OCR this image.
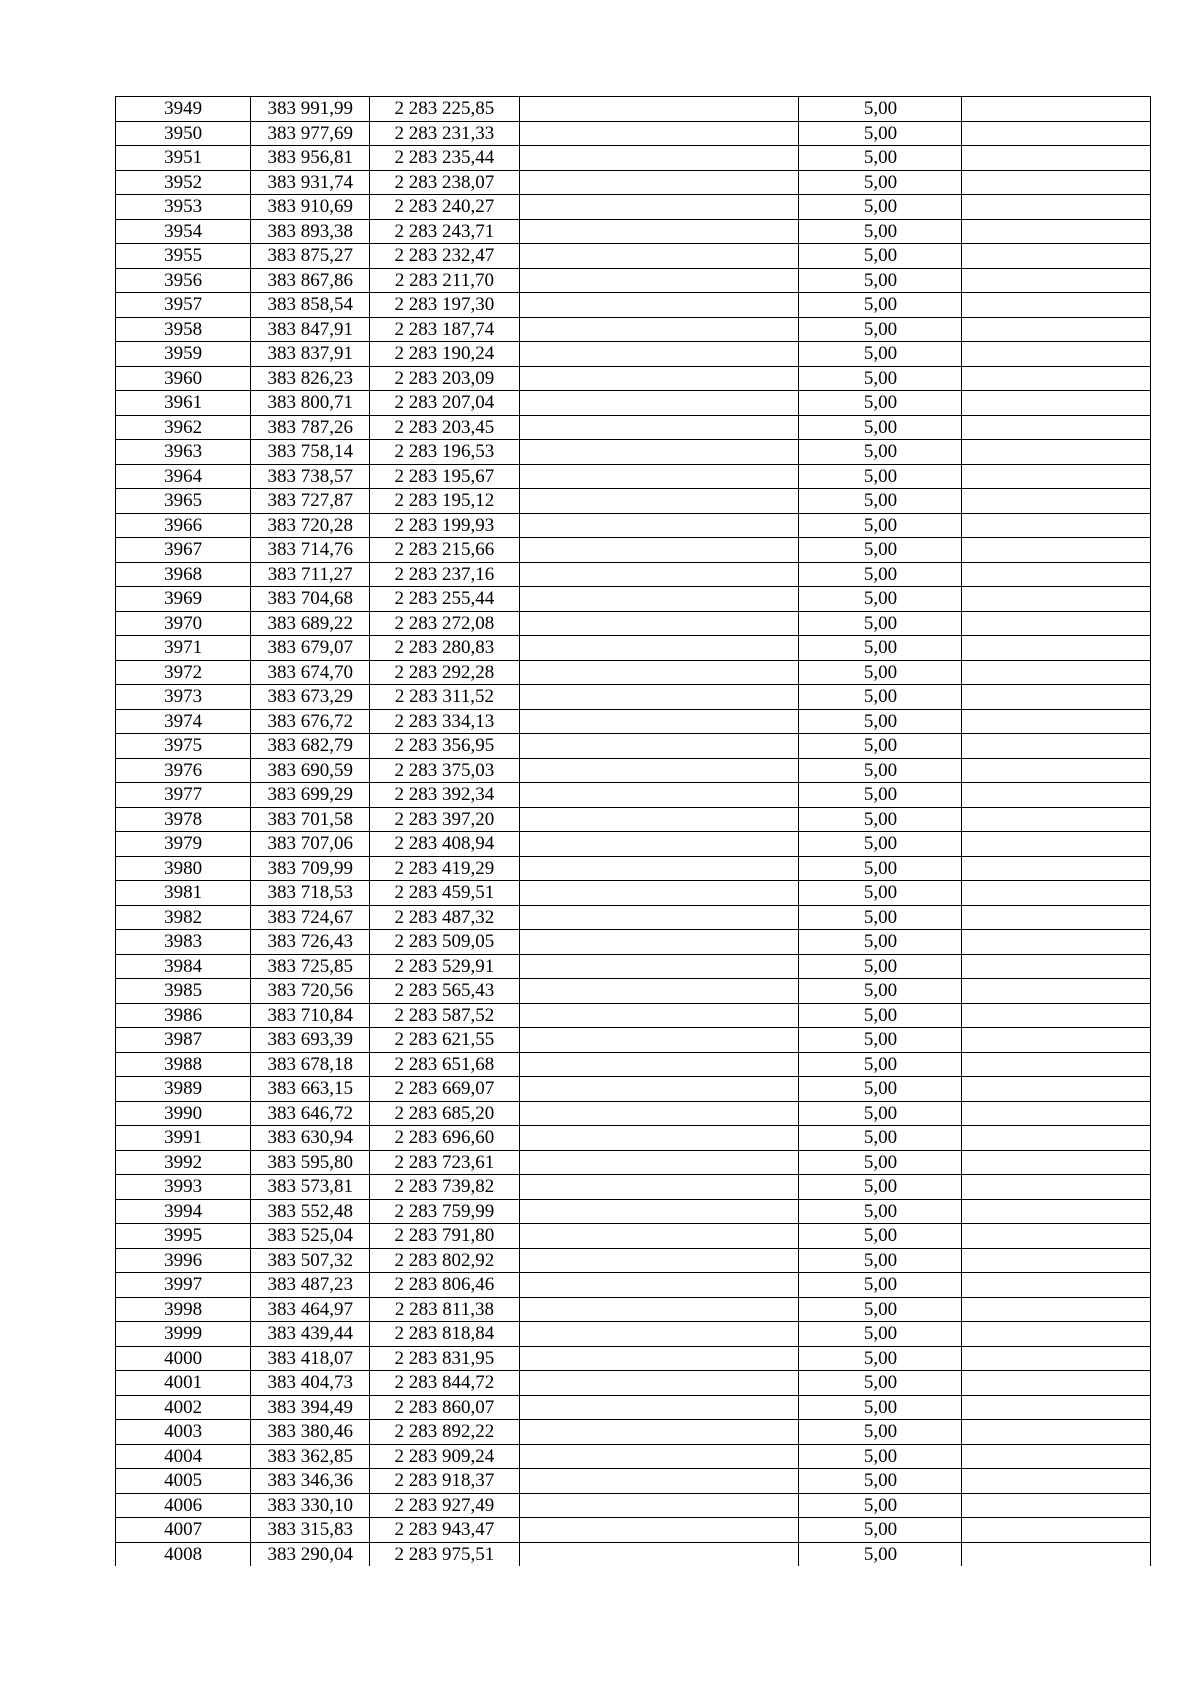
3949	383 991,99	2 283 225,85		5,00	
3950	383 977,69	2 283 231,33		5,00	
3951	383 956,81	2 283 235,44		5,00	
3952	383 931,74	2 283 238,07		5,00	
3953	383 910,69	2 283 240,27		5,00	
3954	383 893,38	2 283 243,71		5,00	
3955	383 875,27	2 283 232,47		5,00	
3956	383 867,86	2 283 211,70		5,00	
3957	383 858,54	2 283 197,30		5,00	
3958	383 847,91	2 283 187,74		5,00	
3959	383 837,91	2 283 190,24		5,00	
3960	383 826,23	2 283 203,09		5,00	
3961	383 800,71	2 283 207,04		5,00	
3962	383 787,26	2 283 203,45		5,00	
3963	383 758,14	2 283 196,53		5,00	
3964	383 738,57	2 283 195,67		5,00	
3965	383 727,87	2 283 195,12		5,00	
3966	383 720,28	2 283 199,93		5,00	
3967	383 714,76	2 283 215,66		5,00	
3968	383 711,27	2 283 237,16		5,00	
3969	383 704,68	2 283 255,44		5,00	
3970	383 689,22	2 283 272,08		5,00	
3971	383 679,07	2 283 280,83		5,00	
3972	383 674,70	2 283 292,28		5,00	
3973	383 673,29	2 283 311,52		5,00	
3974	383 676,72	2 283 334,13		5,00	
3975	383 682,79	2 283 356,95		5,00	
3976	383 690,59	2 283 375,03		5,00	
3977	383 699,29	2 283 392,34		5,00	
3978	383 701,58	2 283 397,20		5,00	
3979	383 707,06	2 283 408,94		5,00	
3980	383 709,99	2 283 419,29		5,00	
3981	383 718,53	2 283 459,51		5,00	
3982	383 724,67	2 283 487,32		5,00	
3983	383 726,43	2 283 509,05		5,00	
3984	383 725,85	2 283 529,91		5,00	
3985	383 720,56	2 283 565,43		5,00	
3986	383 710,84	2 283 587,52		5,00	
3987	383 693,39	2 283 621,55		5,00	
3988	383 678,18	2 283 651,68		5,00	
3989	383 663,15	2 283 669,07		5,00	
3990	383 646,72	2 283 685,20		5,00	
3991	383 630,94	2 283 696,60		5,00	
3992	383 595,80	2 283 723,61		5,00	
3993	383 573,81	2 283 739,82		5,00	
3994	383 552,48	2 283 759,99		5,00	
3995	383 525,04	2 283 791,80		5,00	
3996	383 507,32	2 283 802,92		5,00	
3997	383 487,23	2 283 806,46		5,00	
3998	383 464,97	2 283 811,38		5,00	
3999	383 439,44	2 283 818,84		5,00	
4000	383 418,07	2 283 831,95		5,00	
4001	383 404,73	2 283 844,72		5,00	
4002	383 394,49	2 283 860,07		5,00	
4003	383 380,46	2 283 892,22		5,00	
4004	383 362,85	2 283 909,24		5,00	
4005	383 346,36	2 283 918,37		5,00	
4006	383 330,10	2 283 927,49		5,00	
4007	383 315,83	2 283 943,47		5,00	
4008	383 290,04	2 283 975,51		5,00	
